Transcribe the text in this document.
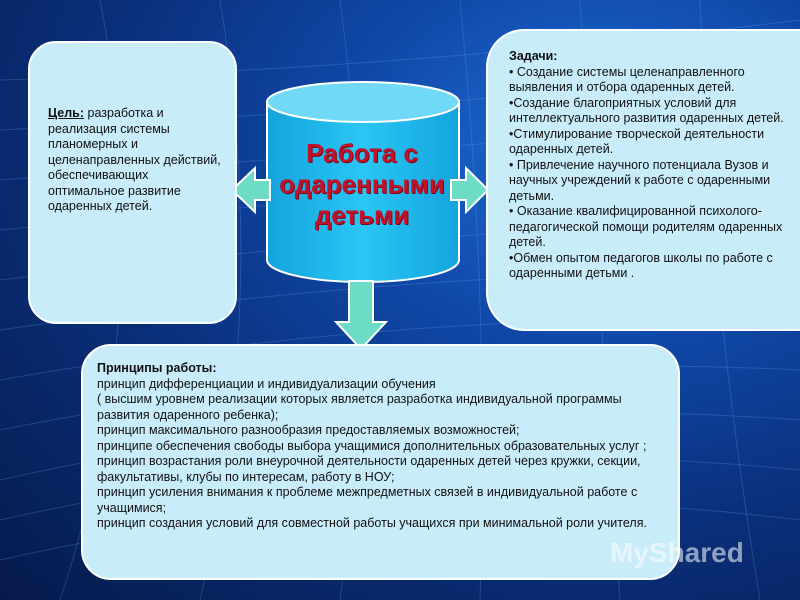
Работа с
одаренными
детьми
Цель: разработка и реализация системы планомерных и целенаправленных действий, обеспечивающих оптимальное развитие одаренных детей.
Задачи:
• Создание системы целенаправленного выявления и отбора одаренных детей.
•Создание благоприятных условий для интеллектуального развития одаренных детей.
•Стимулирование творческой деятельности одаренных детей.
• Привлечение научного потенциала Вузов и научных учреждений к работе с одаренными детьми.
• Оказание квалифицированной психолого-педагогической помощи родителям одаренных детей.
•Обмен опытом педагогов школы по работе с одаренными детьми .
Принципы работы:
принцип дифференциации и индивидуализации обучения
( высшим уровнем реализации которых является разработка индивидуальной программы развития одаренного ребенка);
принцип максимального разнообразия предоставляемых возможностей;
принципе обеспечения свободы выбора учащимися дополнительных образовательных услуг ;
принцип возрастания роли внеурочной деятельности одаренных детей через кружки, секции, факультативы, клубы по интересам, работу в НОУ;
принцип усиления внимания к проблеме межпредметных связей в индивидуальной работе с учащимися;
принцип создания условий для совместной работы учащихся при минимальной роли учителя.
MyShared
